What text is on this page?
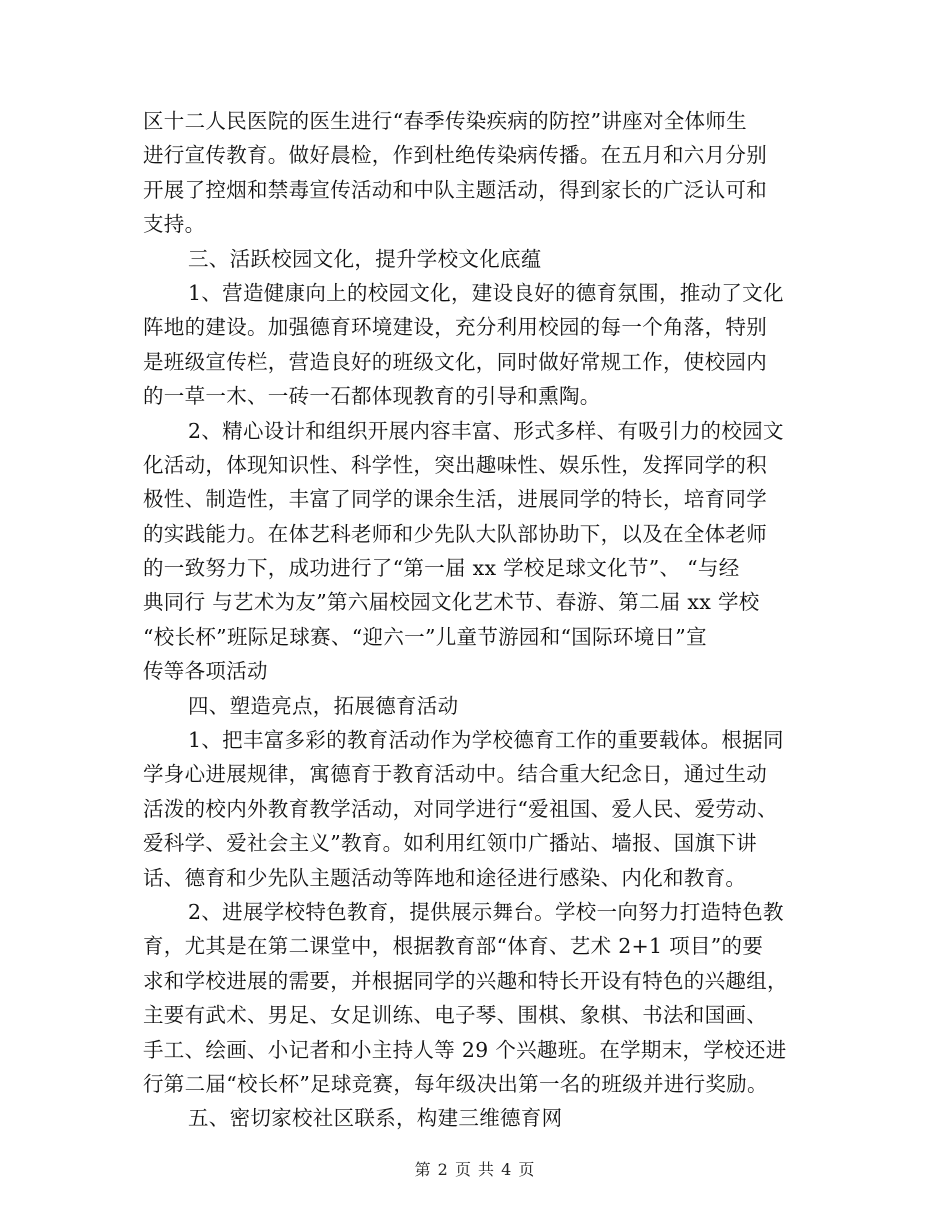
区十二人民医院的医生进行“春季传染疾病的防控”讲座对全体师生
进行宣传教育。做好晨检，作到杜绝传染病传播。在五月和六月分别
开展了控烟和禁毒宣传活动和中队主题活动，得到家长的广泛认可和
支持。
三、活跃校园文化，提升学校文化底蕴
1、营造健康向上的校园文化，建设良好的德育氛围，推动了文化
阵地的建设。加强德育环境建设，充分利用校园的每一个角落，特别
是班级宣传栏，营造良好的班级文化，同时做好常规工作，使校园内
的一草一木、一砖一石都体现教育的引导和熏陶。
2、精心设计和组织开展内容丰富、形式多样、有吸引力的校园文
化活动，体现知识性、科学性，突出趣味性、娱乐性，发挥同学的积
极性、制造性，丰富了同学的课余生活，进展同学的特长，培育同学
的实践能力。在体艺科老师和少先队大队部协助下，以及在全体老师
的一致努力下，成功进行了“第一届 xx 学校足球文化节”、 “与经
典同行 与艺术为友”第六届校园文化艺术节、春游、第二届 xx 学校
“校长杯”班际足球赛、“迎六一”儿童节游园和“国际环境日”宣
传等各项活动
四、塑造亮点，拓展德育活动
1、把丰富多彩的教育活动作为学校德育工作的重要载体。根据同
学身心进展规律，寓德育于教育活动中。结合重大纪念日，通过生动
活泼的校内外教育教学活动，对同学进行“爱祖国、爱人民、爱劳动、
爱科学、爱社会主义”教育。如利用红领巾广播站、墙报、国旗下讲
话、德育和少先队主题活动等阵地和途径进行感染、内化和教育。
2、进展学校特色教育，提供展示舞台。学校一向努力打造特色教
育，尤其是在第二课堂中，根据教育部“体育、艺术 2+1 项目”的要
求和学校进展的需要，并根据同学的兴趣和特长开设有特色的兴趣组，
主要有武术、男足、女足训练、电子琴、围棋、象棋、书法和国画、
手工、绘画、小记者和小主持人等 29 个兴趣班。在学期末，学校还进
行第二届“校长杯”足球竞赛，每年级决出第一名的班级并进行奖励。
五、密切家校社区联系，构建三维德育网
第 2 页 共 4 页
